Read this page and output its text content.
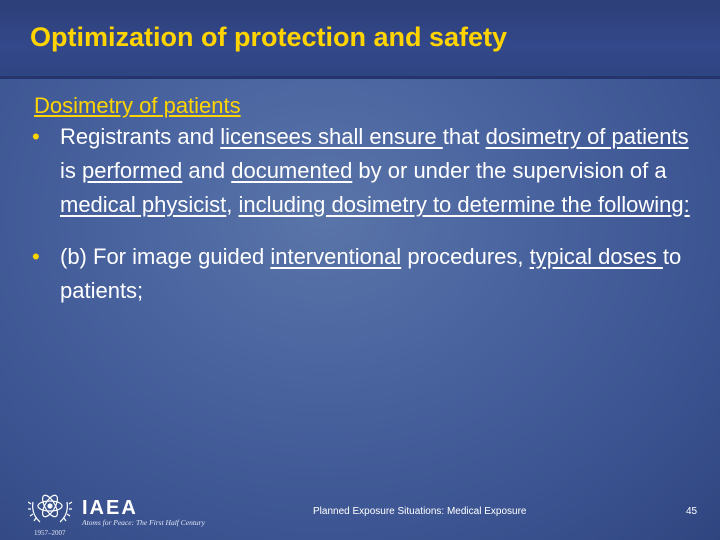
Optimization of protection and safety
Dosimetry of patients
• Registrants and licensees shall ensure that dosimetry of patients is performed and documented by or under the supervision of a medical physicist, including dosimetry to determine the following:
• (b) For image guided interventional procedures, typical doses to patients;
IAEA
Atoms for Peace: The First Half Century
1957–2007
Planned Exposure Situations: Medical Exposure	45
